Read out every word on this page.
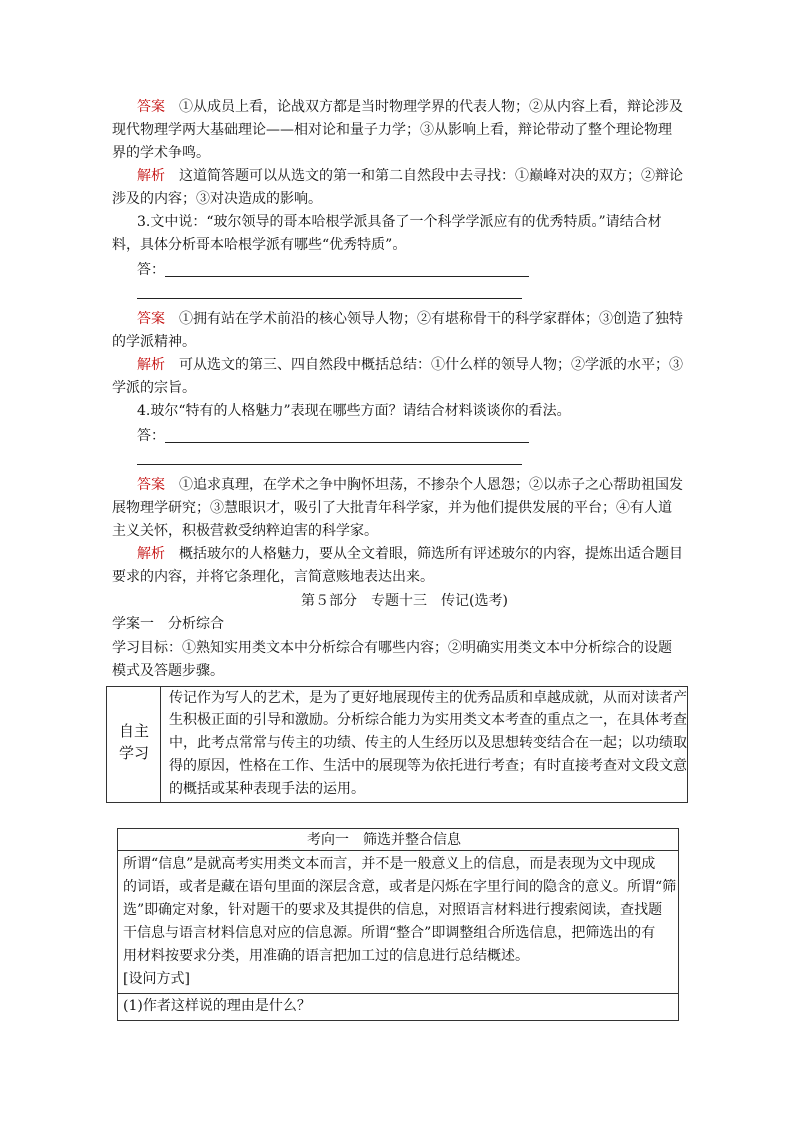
答案　 ①从成员上看，论战双方都是当时物理学界的代表人物；②从内容上看，辩论涉及
现代物理学两大基础理论——相对论和量子力学；③从影响上看，辩论带动了整个理论物理
界的学术争鸣。
解析　 这道简答题可以从选文的第一和第二自然段中去寻找：①巅峰对决的双方；②辩论
涉及的内容；③对决造成的影响。
3.文中说：“玻尔领导的哥本哈根学派具备了一个科学学派应有的优秀特质。”请结合材
料，具体分析哥本哈根学派有哪些“优秀特质”。
答：
答案　 ①拥有站在学术前沿的核心领导人物；②有堪称骨干的科学家群体；③创造了独特
的学派精神。
解析　 可从选文的第三、四自然段中概括总结：①什么样的领导人物；②学派的水平；③
学派的宗旨。
4.玻尔“特有的人格魅力”表现在哪些方面？请结合材料谈谈你的看法。
答：
答案　 ①追求真理，在学术之争中胸怀坦荡，不掺杂个人恩怨；②以赤子之心帮助祖国发
展物理学研究；③慧眼识才，吸引了大批青年科学家，并为他们提供发展的平台；④有人道
主义关怀，积极营救受纳粹迫害的科学家。
解析　 概括玻尔的人格魅力，要从全文着眼，筛选所有评述玻尔的内容，提炼出适合题目
要求的内容，并将它条理化，言简意赅地表达出来。
第５部分　专题十三　传记(选考)
学案一　分析综合
学习目标：①熟知实用类文本中分析综合有哪些内容；②明确实用类文本中分析综合的设题
模式及答题步骤。
自主
学习
传记作为写人的艺术，是为了更好地展现传主的优秀品质和卓越成就，从而对读者产
生积极正面的引导和激励。分析综合能力为实用类文本考查的重点之一，在具体考查
中，此考点常常与传主的功绩、传主的人生经历以及思想转变结合在一起；以功绩取
得的原因，性格在工作、生活中的展现等为依托进行考查；有时直接考查对文段文意
的概括或某种表现手法的运用。
考向一　筛选并整合信息
所谓“信息”是就高考实用类文本而言，并不是一般意义上的信息，而是表现为文中现成
的词语，或者是藏在语句里面的深层含意，或者是闪烁在字里行间的隐含的意义。所谓“筛
选”即确定对象，针对题干的要求及其提供的信息，对照语言材料进行搜索阅读，查找题
干信息与语言材料信息对应的信息源。所谓“整合”即调整组合所选信息，把筛选出的有
用材料按要求分类，用准确的语言把加工过的信息进行总结概述。
[设问方式]
(1)作者这样说的理由是什么？
